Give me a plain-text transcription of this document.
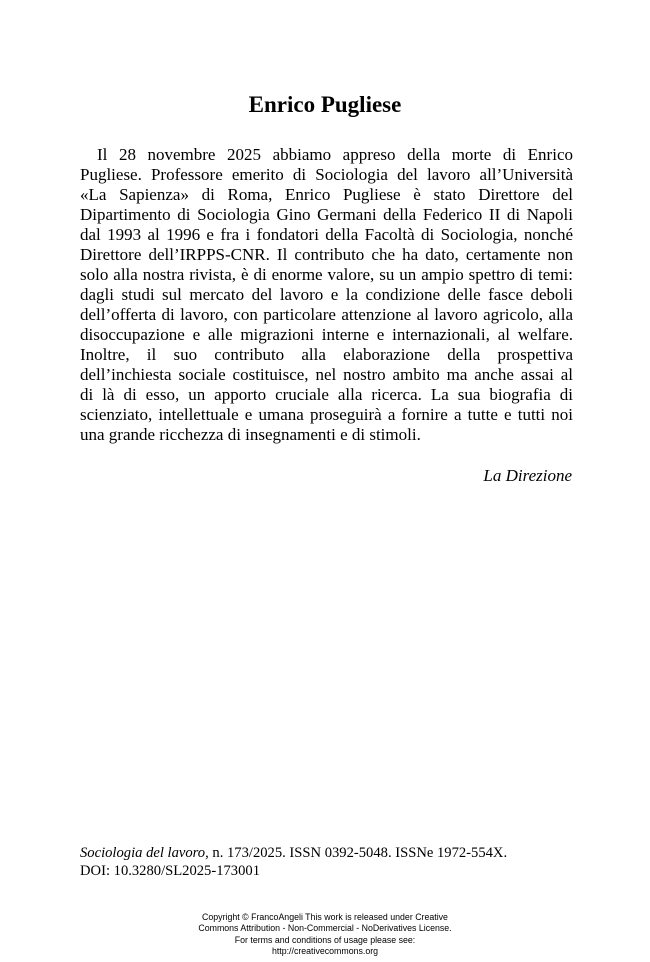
Enrico Pugliese
Il 28 novembre 2025 abbiamo appreso della morte di Enrico
Pugliese. Professore emerito di Sociologia del lavoro all’Università
«La Sapienza» di Roma, Enrico Pugliese è stato Direttore del
Dipartimento di Sociologia Gino Germani della Federico II di Napoli
dal 1993 al 1996 e fra i fondatori della Facoltà di Sociologia, nonché
Direttore dell’IRPPS-CNR. Il contributo che ha dato, certamente non
solo alla nostra rivista, è di enorme valore, su un ampio spettro di temi:
dagli studi sul mercato del lavoro e la condizione delle fasce deboli
dell’offerta di lavoro, con particolare attenzione al lavoro agricolo, alla
disoccupazione e alle migrazioni interne e internazionali, al welfare.
Inoltre, il suo contributo alla elaborazione della prospettiva
dell’inchiesta sociale costituisce, nel nostro ambito ma anche assai al
di là di esso, un apporto cruciale alla ricerca. La sua biografia di
scienziato, intellettuale e umana proseguirà a fornire a tutte e tutti noi
una grande ricchezza di insegnamenti e di stimoli.
La Direzione
Sociologia del lavoro, n. 173/2025. ISSN 0392-5048. ISSNe 1972-554X.
DOI: 10.3280/SL2025-173001
Copyright © FrancoAngeli This work is released under Creative
Commons Attribution - Non-Commercial - NoDerivatives License.
For terms and conditions of usage please see:
http://creativecommons.org
